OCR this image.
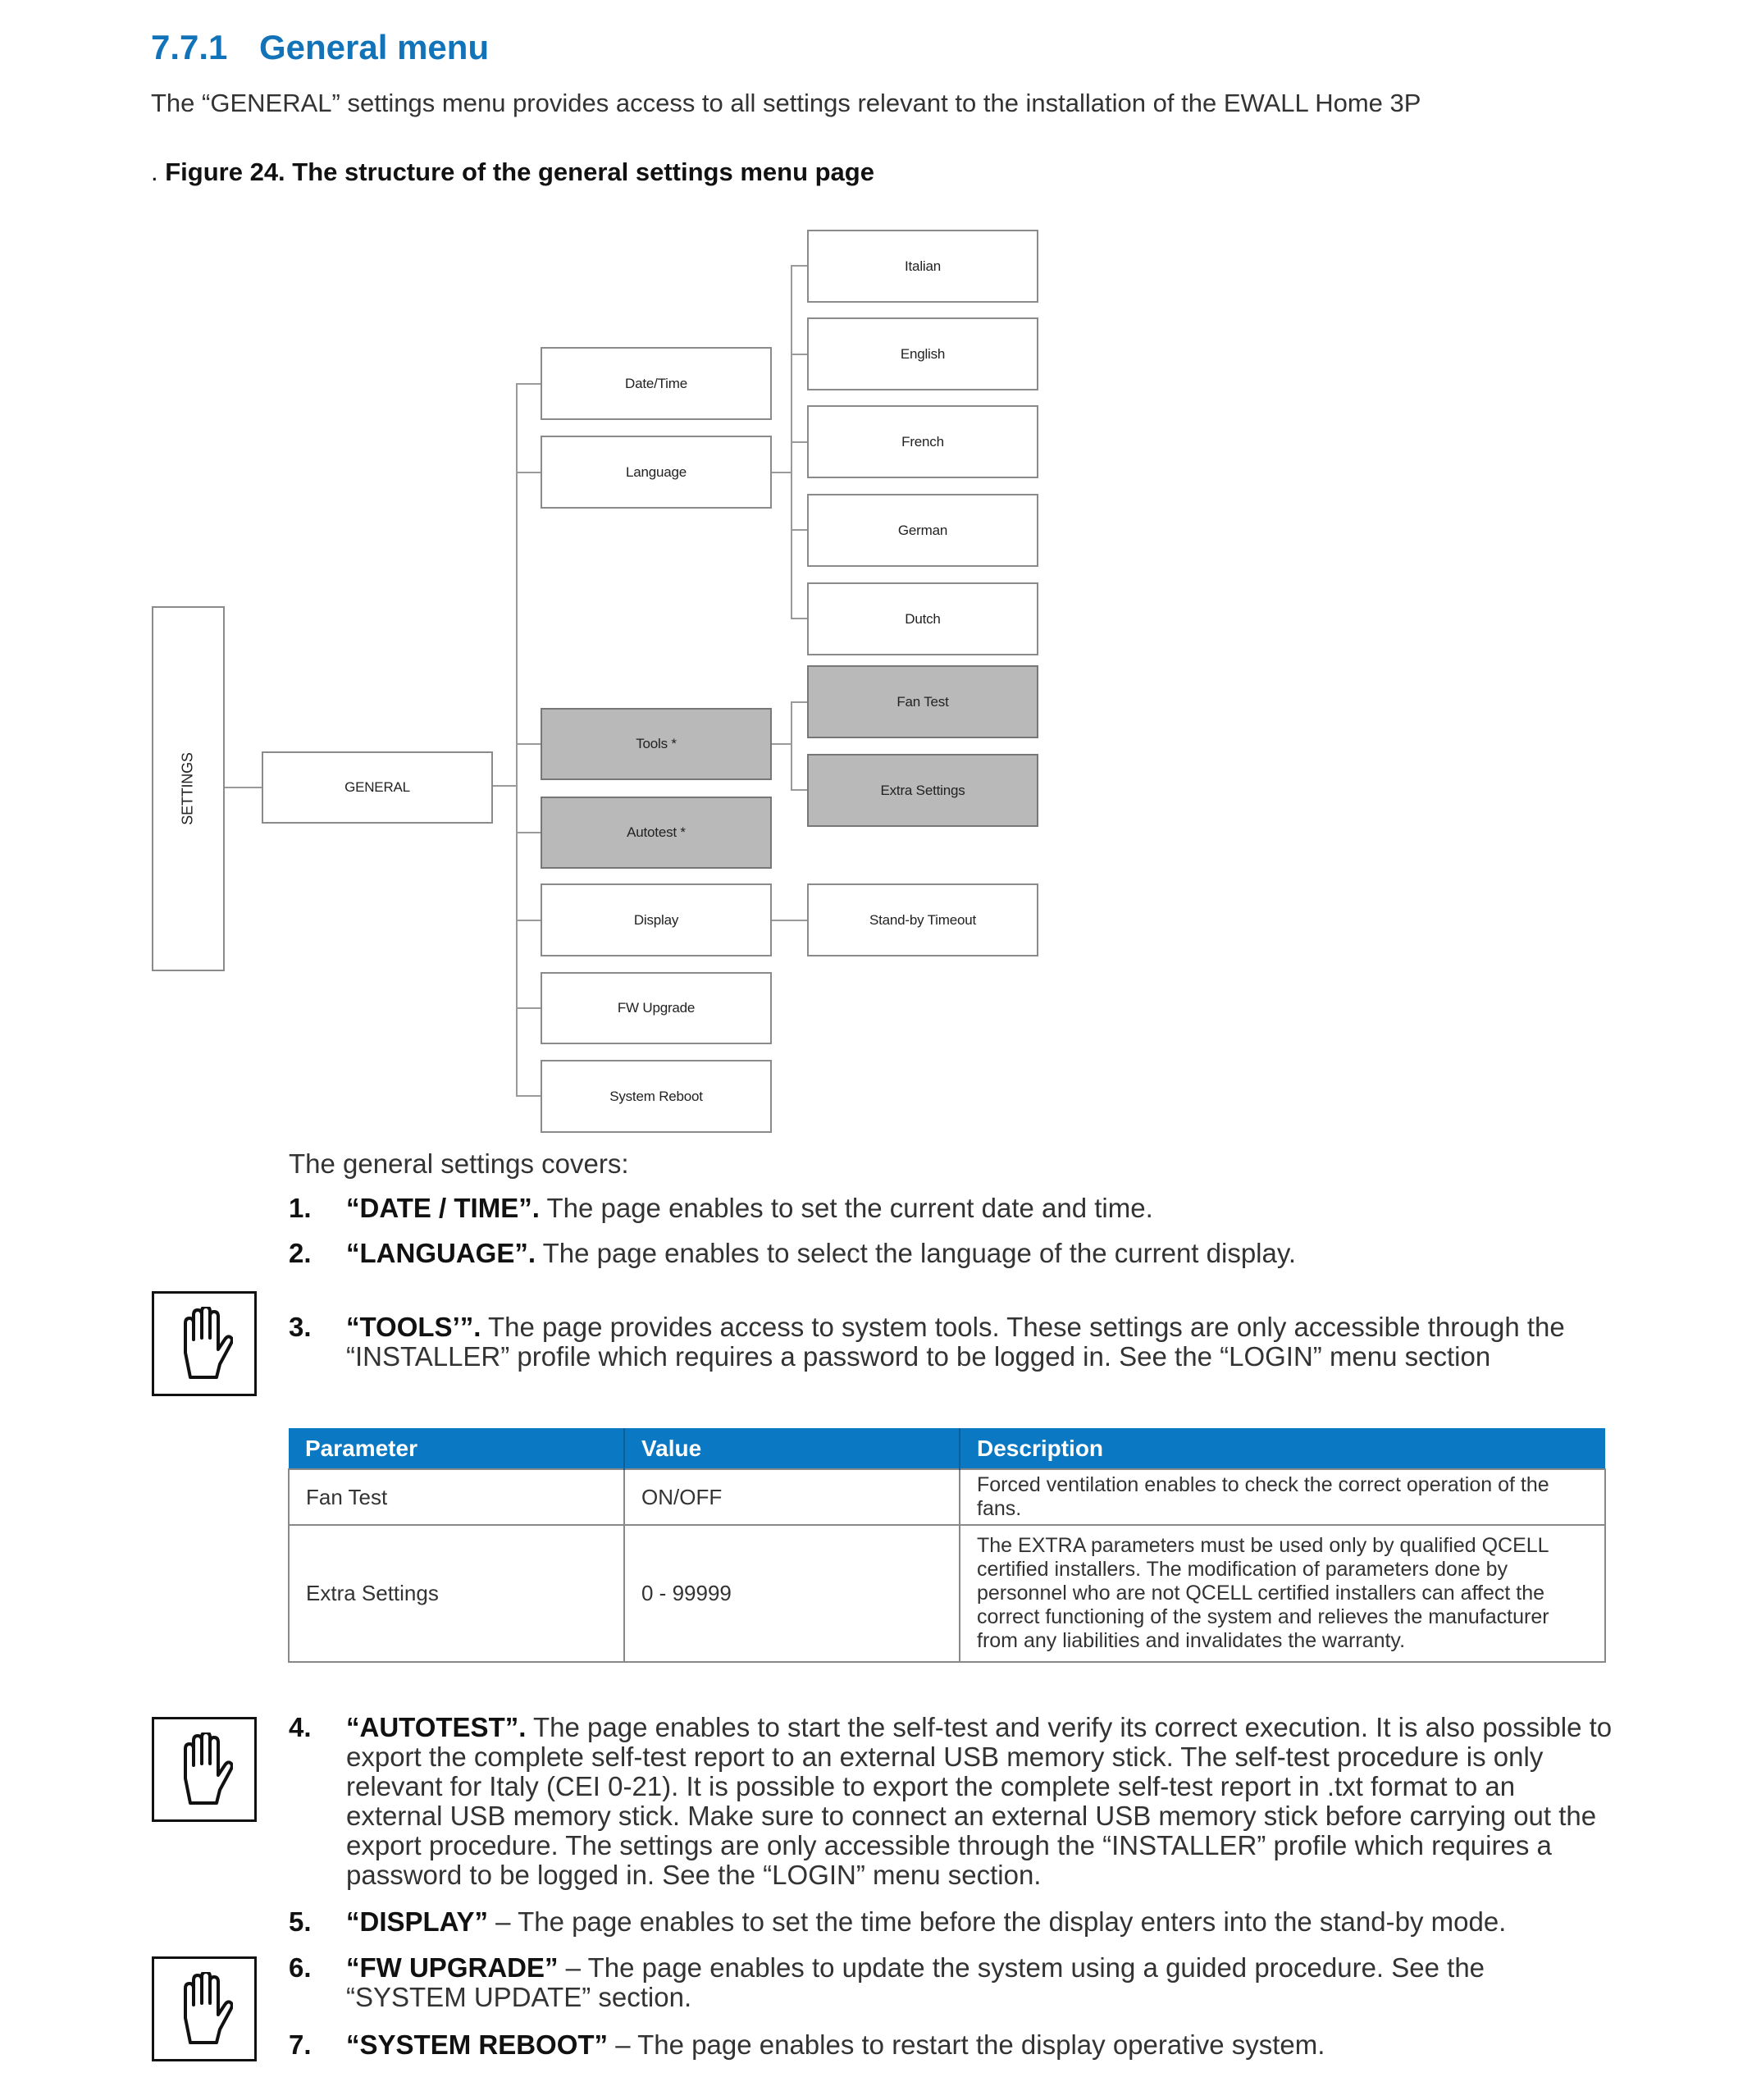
7.7.1 General menu
The “GENERAL” settings menu provides access to all settings relevant to the installation of the EWALL Home 3P
. Figure 24. The structure of the general settings menu page
SETTINGS	GENERAL
Date/Time
Language
Tools *
Autotest *
Display
FW Upgrade
System Reboot
Italian
English
French
German
Dutch
Fan Test
Extra Settings
Stand-by Timeout
The general settings covers:
1. “DATE / TIME”. The page enables to set the current date and time.
2. “LANGUAGE”. The page enables to select the language of the current display.
3. “TOOLS’”. The page provides access to system tools. These settings are only accessible through the “INSTALLER” profile which requires a password to be logged in. See the “LOGIN” menu section
Parameter	Value	Description
Fan Test	ON/OFF	Forced ventilation enables to check the correct operation of the fans.
Extra Settings	0 - 99999	The EXTRA parameters must be used only by qualified QCELL certified installers. The modification of parameters done by personnel who are not QCELL certified installers can affect the correct functioning of the system and relieves the manufacturer from any liabilities and invalidates the warranty.
4. “AUTOTEST”. The page enables to start the self-test and verify its correct execution. It is also possible to export the complete self-test report to an external USB memory stick. The self-test procedure is only relevant for Italy (CEI 0-21). It is possible to export the complete self-test report in .txt format to an external USB memory stick. Make sure to connect an external USB memory stick before carrying out the export procedure. The settings are only accessible through the “INSTALLER” profile which requires a password to be logged in. See the “LOGIN” menu section.
5. “DISPLAY” – The page enables to set the time before the display enters into the stand-by mode.
6. “FW UPGRADE” – The page enables to update the system using a guided procedure. See the “SYSTEM UPDATE” section.
7. “SYSTEM REBOOT” – The page enables to restart the display operative system.
